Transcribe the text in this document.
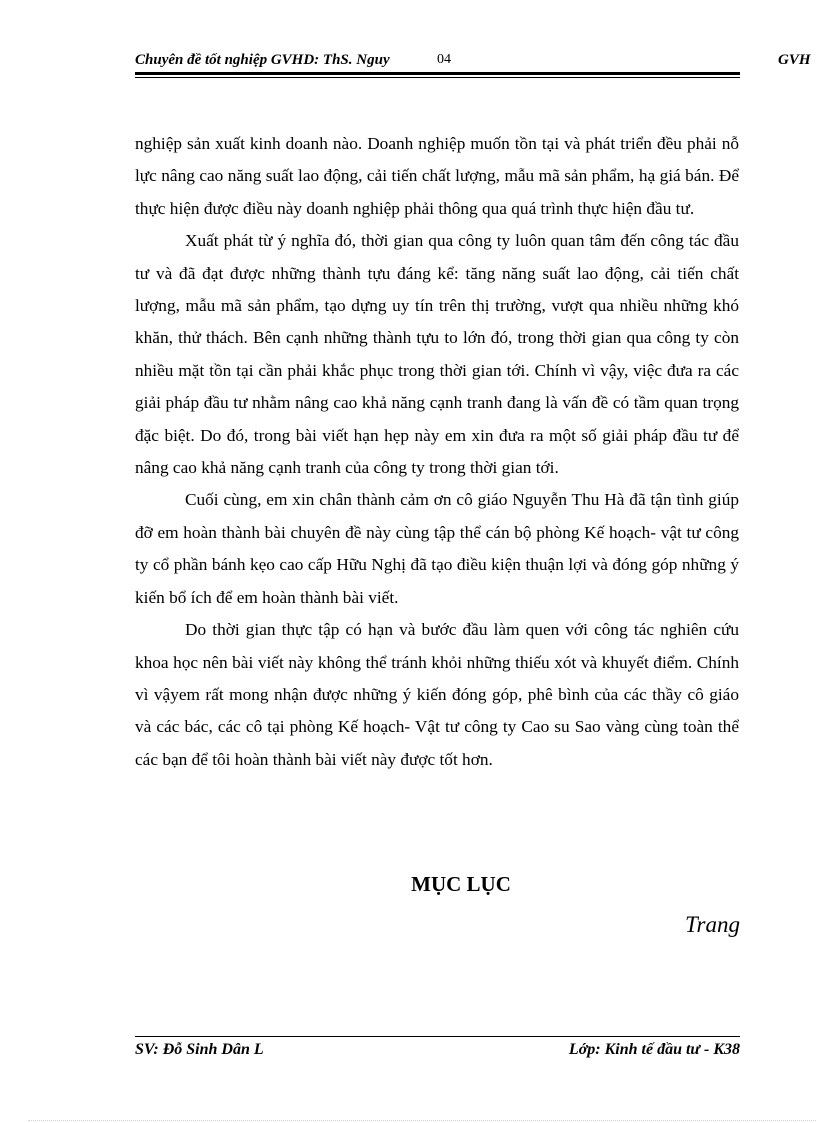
Chuyên đề tốt nghiệp GVHD: ThS. Nguy	04	GVH

nghiệp sản xuất kinh doanh nào. Doanh nghiệp muốn tồn tại và phát triển đều phải nỗ lực nâng cao năng suất lao động, cải tiến chất lượng, mẫu mã sản phẩm, hạ giá bán. Để thực hiện được điều này doanh nghiệp phải thông qua quá trình thực hiện đầu tư.

Xuất phát từ ý nghĩa đó, thời gian qua công ty luôn quan tâm đến công tác đầu tư và đã đạt được những thành tựu đáng kể: tăng năng suất lao động, cải tiến chất lượng, mẫu mã sản phẩm, tạo dựng uy tín trên thị trường, vượt qua nhiều những khó khăn, thử thách. Bên cạnh những thành tựu to lớn đó, trong thời gian qua công ty còn nhiều mặt tồn tại cần phải khắc phục trong thời gian tới. Chính vì vậy, việc đưa ra các giải pháp đầu tư nhằm nâng cao khả năng cạnh tranh đang là vấn đề có tầm quan trọng đặc biệt. Do đó, trong bài viết hạn hẹp này em xin đưa ra một số giải pháp đầu tư để nâng cao khả năng cạnh tranh của công ty trong thời gian tới.

Cuối cùng, em xin chân thành cảm ơn cô giáo Nguyễn Thu Hà đã tận tình giúp đỡ em hoàn thành bài chuyên đề này cùng tập thể cán bộ phòng Kế hoạch- vật tư công ty cổ phần bánh kẹo cao cấp Hữu Nghị đã tạo điều kiện thuận lợi và đóng góp những ý kiến bổ ích để em hoàn thành bài viết.

Do thời gian thực tập có hạn và bước đầu làm quen với công tác nghiên cứu khoa học nên bài viết này không thể tránh khỏi những thiếu xót và khuyết điểm. Chính vì vậyem rất mong nhận được những ý kiến đóng góp, phê bình của các thầy cô giáo và các bác, các cô tại phòng Kế hoạch- Vật tư công ty Cao su Sao vàng cùng toàn thể các bạn để tôi hoàn thành bài viết này được tốt hơn.

MỤC LỤC
Trang
SV: Đỗ Sinh Dân L	Lớp: Kinh tế đầu tư - K38
